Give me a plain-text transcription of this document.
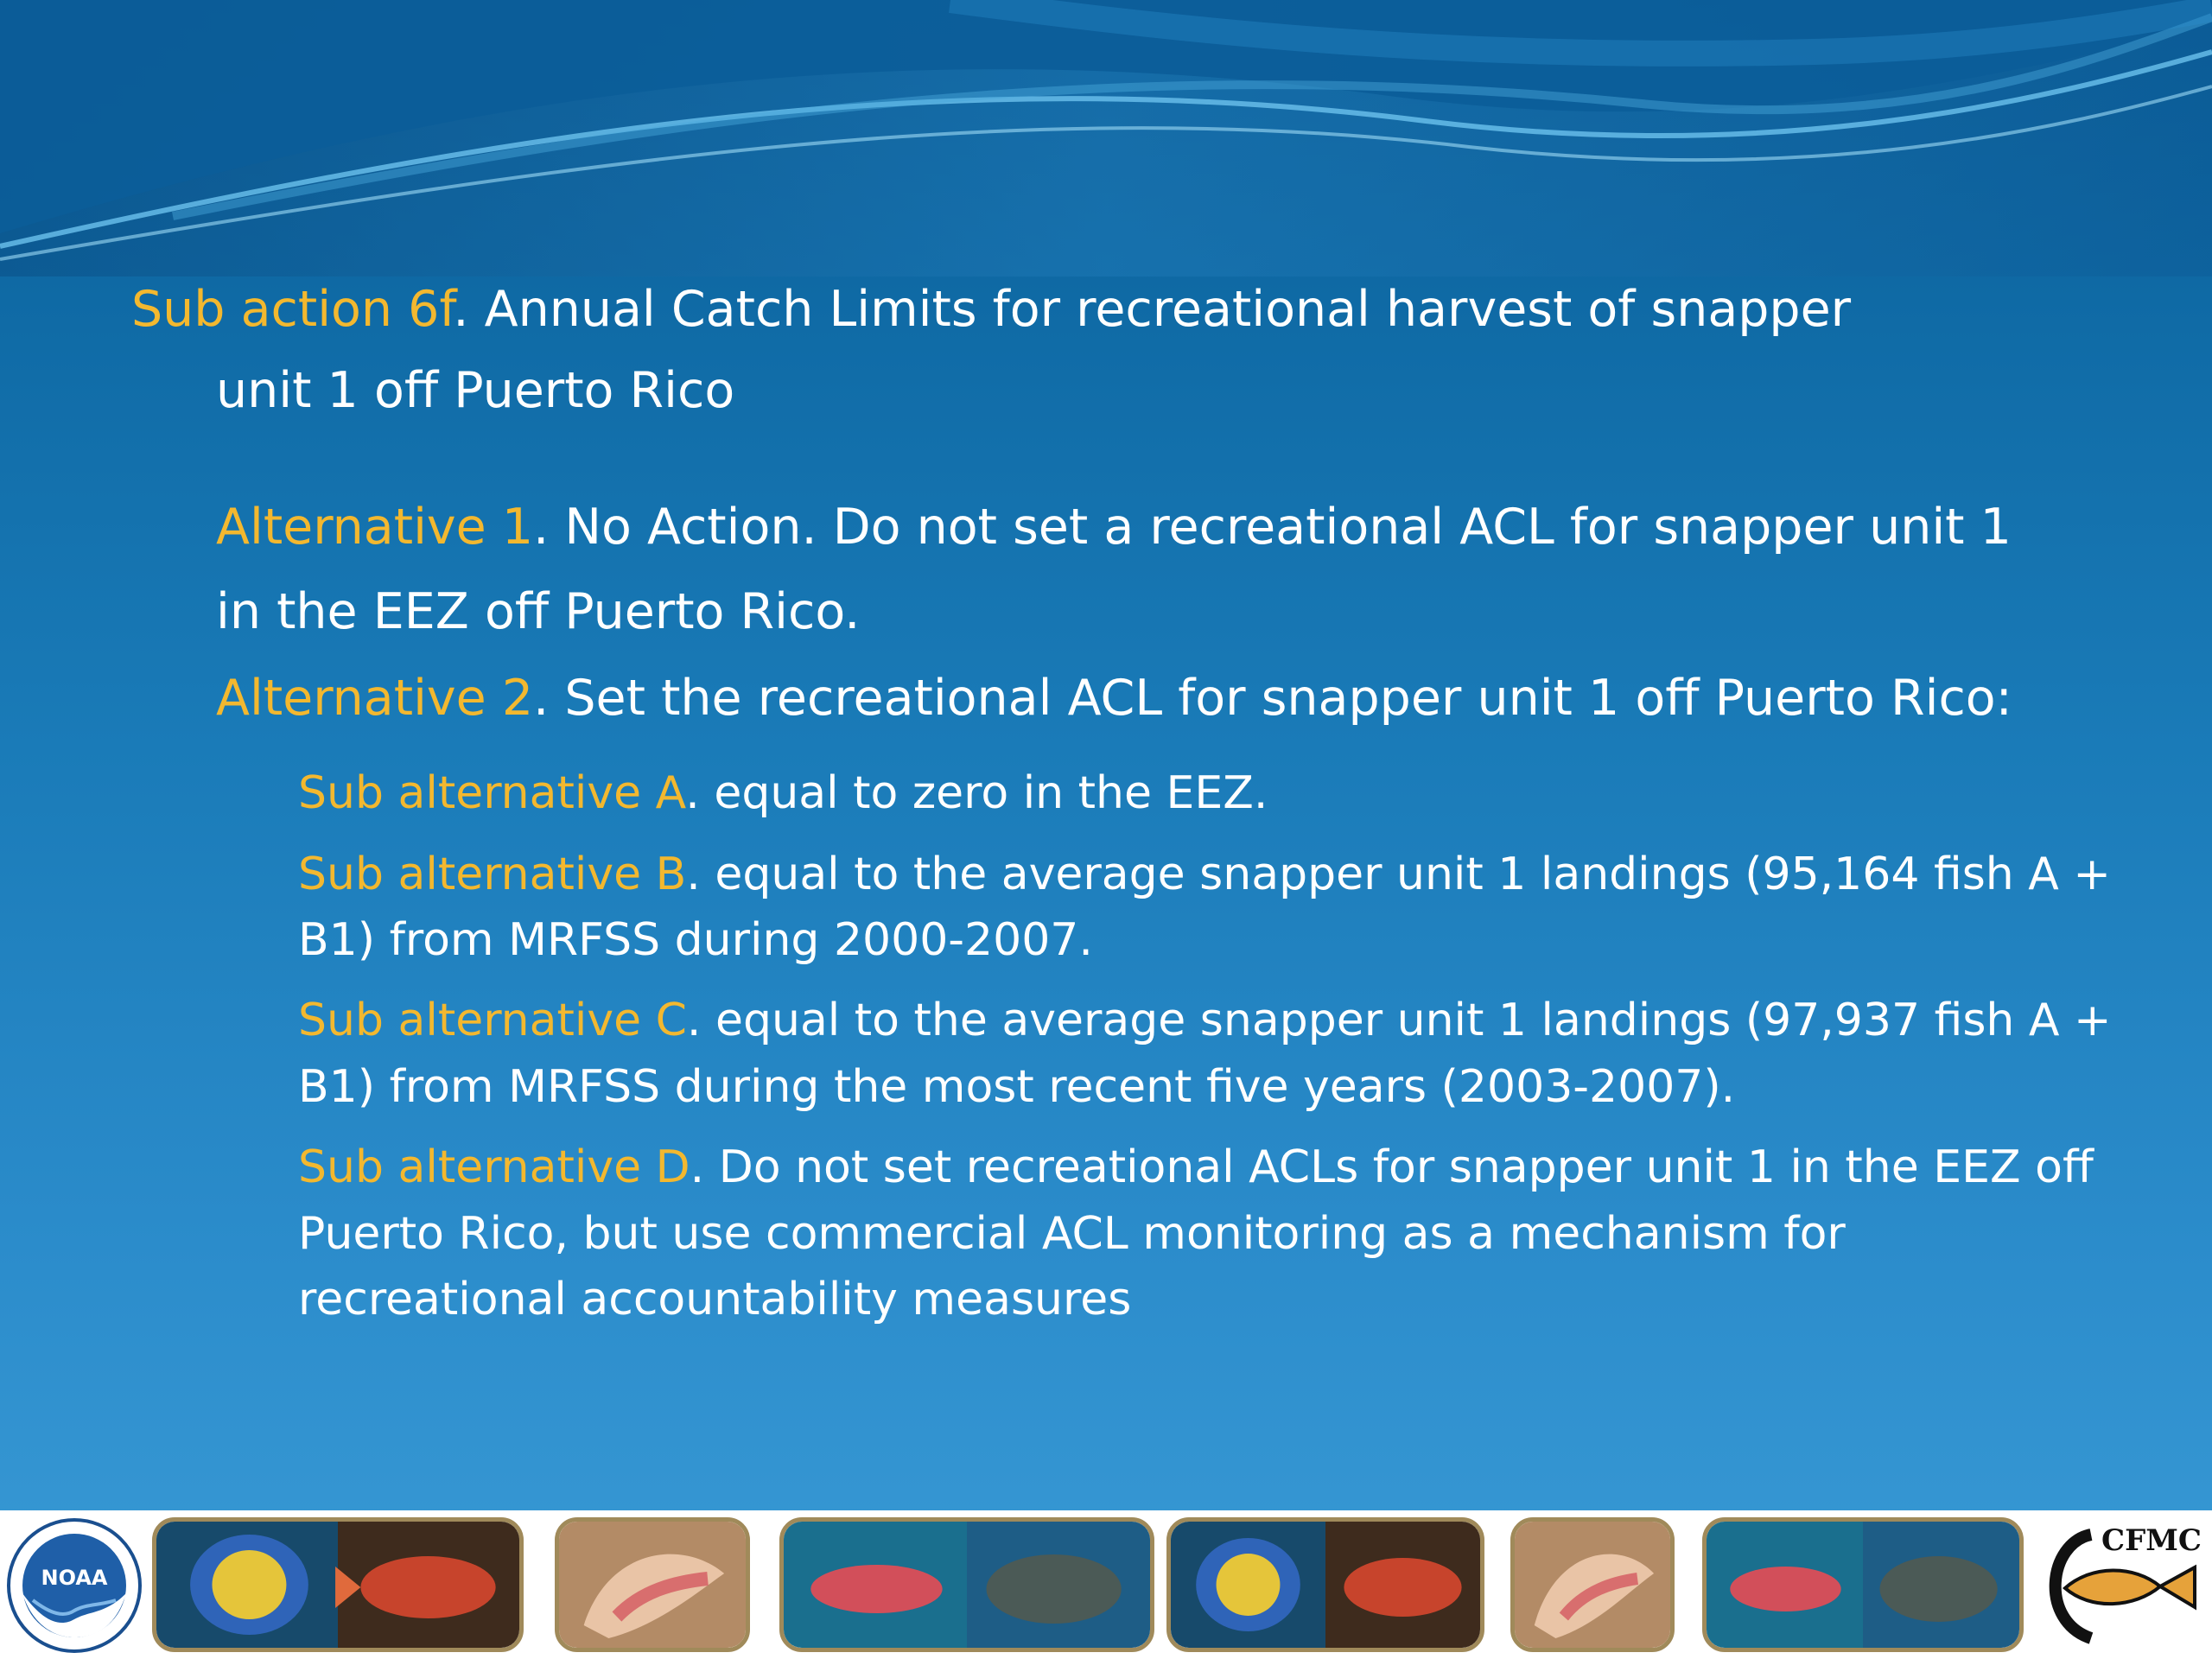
Sub action 6f. Annual Catch Limits for recreational harvest of snapper

unit 1 off Puerto Rico

Alternative 1. No Action. Do not set a recreational ACL for snapper unit 1

in the EEZ off Puerto Rico.

Alternative 2. Set the recreational ACL for snapper unit 1 off Puerto Rico:

Sub alternative A. equal to zero in the EEZ.

Sub alternative B. equal to the average snapper unit 1 landings (95,164 fish A +

B1) from MRFSS during 2000-2007.

Sub alternative C. equal to the average snapper unit 1 landings (97,937 fish A +

B1) from MRFSS during the most recent five years (2003-2007).

Sub alternative D. Do not set recreational ACLs for snapper unit 1 in the EEZ off

Puerto Rico, but use commercial ACL monitoring as a mechanism for

recreational accountability measures

NOAA
CFMC
